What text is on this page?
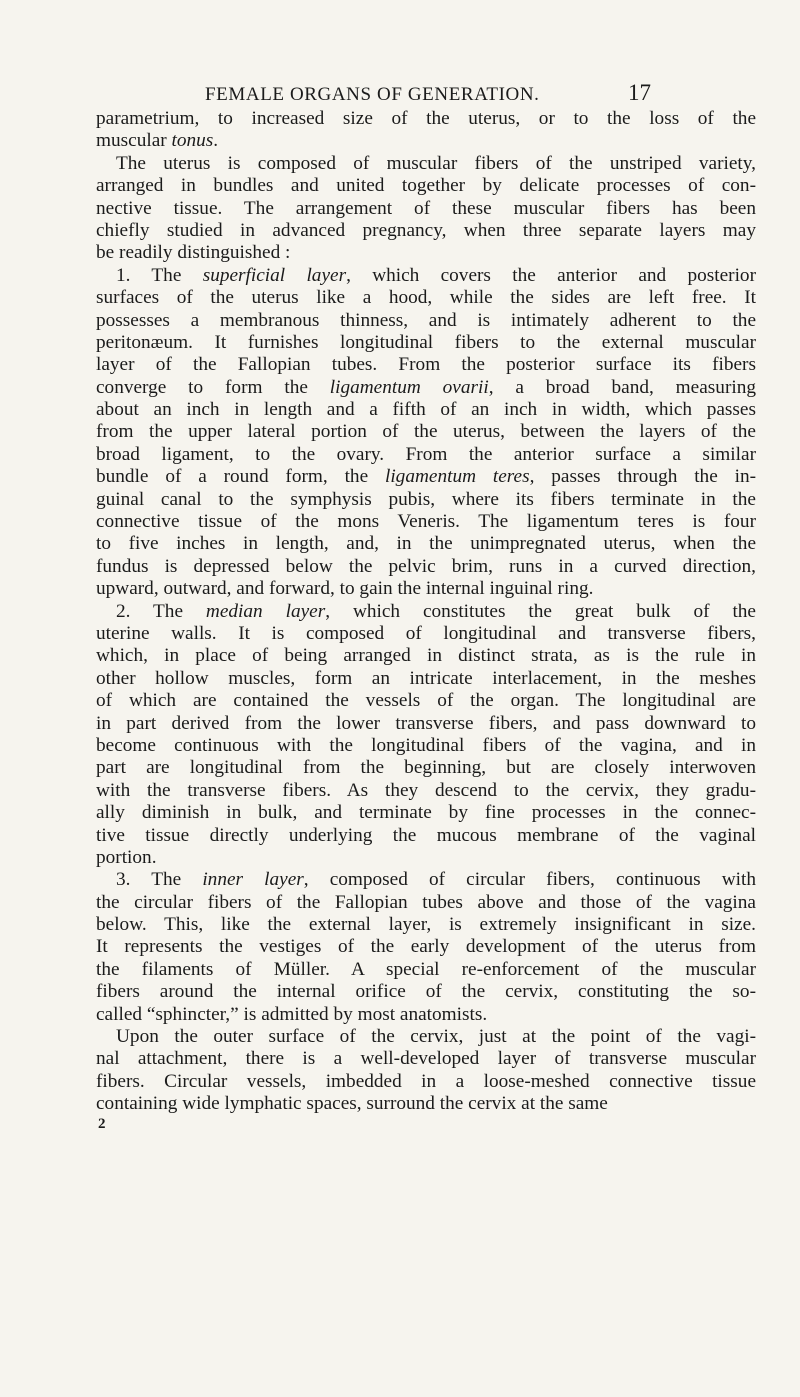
FEMALE ORGANS OF GENERATION.	17
parametrium, to increased size of the uterus, or to the loss of the
muscular tonus.
The uterus is composed of muscular fibers of the unstriped variety,
arranged in bundles and united together by delicate processes of con-
nective tissue. The arrangement of these muscular fibers has been
chiefly studied in advanced pregnancy, when three separate layers may
be readily distinguished :
1. The superficial layer, which covers the anterior and posterior
surfaces of the uterus like a hood, while the sides are left free. It
possesses a membranous thinness, and is intimately adherent to the
peritonæum. It furnishes longitudinal fibers to the external muscular
layer of the Fallopian tubes. From the posterior surface its fibers
converge to form the ligamentum ovarii, a broad band, measuring
about an inch in length and a fifth of an inch in width, which passes
from the upper lateral portion of the uterus, between the layers of the
broad ligament, to the ovary. From the anterior surface a similar
bundle of a round form, the ligamentum teres, passes through the in-
guinal canal to the symphysis pubis, where its fibers terminate in the
connective tissue of the mons Veneris. The ligamentum teres is four
to five inches in length, and, in the unimpregnated uterus, when the
fundus is depressed below the pelvic brim, runs in a curved direction,
upward, outward, and forward, to gain the internal inguinal ring.
2. The median layer, which constitutes the great bulk of the
uterine walls. It is composed of longitudinal and transverse fibers,
which, in place of being arranged in distinct strata, as is the rule in
other hollow muscles, form an intricate interlacement, in the meshes
of which are contained the vessels of the organ. The longitudinal are
in part derived from the lower transverse fibers, and pass downward to
become continuous with the longitudinal fibers of the vagina, and in
part are longitudinal from the beginning, but are closely interwoven
with the transverse fibers. As they descend to the cervix, they gradu-
ally diminish in bulk, and terminate by fine processes in the connec-
tive tissue directly underlying the mucous membrane of the vaginal
portion.
3. The inner layer, composed of circular fibers, continuous with
the circular fibers of the Fallopian tubes above and those of the vagina
below. This, like the external layer, is extremely insignificant in size.
It represents the vestiges of the early development of the uterus from
the filaments of Müller. A special re-enforcement of the muscular
fibers around the internal orifice of the cervix, constituting the so-
called “sphincter,” is admitted by most anatomists.
Upon the outer surface of the cervix, just at the point of the vagi-
nal attachment, there is a well-developed layer of transverse muscular
fibers. Circular vessels, imbedded in a loose-meshed connective tissue
containing wide lymphatic spaces, surround the cervix at the same
2
